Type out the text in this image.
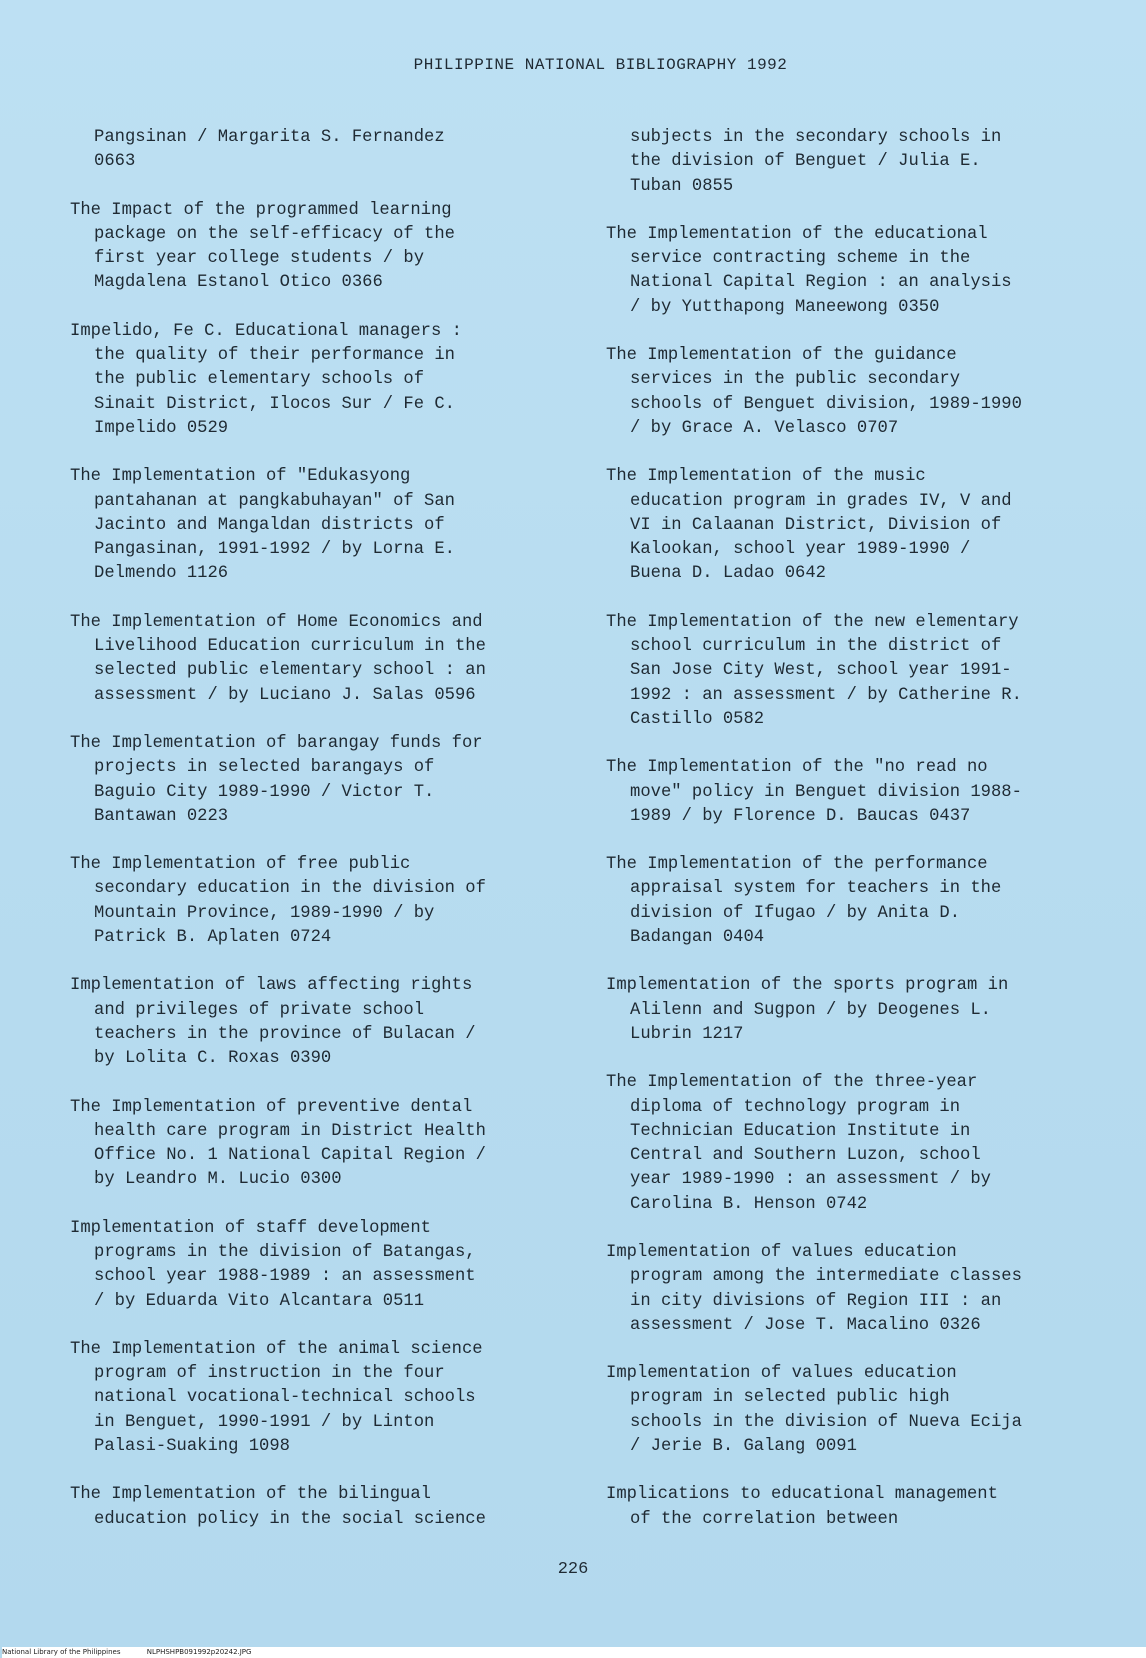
PHILIPPINE NATIONAL BIBLIOGRAPHY 1992
Pangsinan / Margarita S. Fernandez
0663
The Impact of the programmed learning
package on the self-efficacy of the
first year college students / by
Magdalena Estanol Otico 0366
Impelido, Fe C. Educational managers :
the quality of their performance in
the public elementary schools of
Sinait District, Ilocos Sur / Fe C.
Impelido 0529
The Implementation of "Edukasyong
pantahanan at pangkabuhayan" of San
Jacinto and Mangaldan districts of
Pangasinan, 1991-1992 / by Lorna E.
Delmendo 1126
The Implementation of Home Economics and
Livelihood Education curriculum in the
selected public elementary school : an
assessment / by Luciano J. Salas 0596
The Implementation of barangay funds for
projects in selected barangays of
Baguio City 1989-1990 / Victor T.
Bantawan 0223
The Implementation of free public
secondary education in the division of
Mountain Province, 1989-1990 / by
Patrick B. Aplaten 0724
Implementation of laws affecting rights
and privileges of private school
teachers in the province of Bulacan /
by Lolita C. Roxas 0390
The Implementation of preventive dental
health care program in District Health
Office No. 1 National Capital Region /
by Leandro M. Lucio 0300
Implementation of staff development
programs in the division of Batangas,
school year 1988-1989 : an assessment
/ by Eduarda Vito Alcantara 0511
The Implementation of the animal science
program of instruction in the four
national vocational-technical schools
in Benguet, 1990-1991 / by Linton
Palasi-Suaking 1098
The Implementation of the bilingual
education policy in the social science
subjects in the secondary schools in
the division of Benguet / Julia E.
Tuban 0855
The Implementation of the educational
service contracting scheme in the
National Capital Region : an analysis
/ by Yutthapong Maneewong 0350
The Implementation of the guidance
services in the public secondary
schools of Benguet division, 1989-1990
/ by Grace A. Velasco 0707
The Implementation of the music
education program in grades IV, V and
VI in Calaanan District, Division of
Kalookan, school year 1989-1990 /
Buena D. Ladao 0642
The Implementation of the new elementary
school curriculum in the district of
San Jose City West, school year 1991-
1992 : an assessment / by Catherine R.
Castillo 0582
The Implementation of the "no read no
move" policy in Benguet division 1988-
1989 / by Florence D. Baucas 0437
The Implementation of the performance
appraisal system for teachers in the
division of Ifugao / by Anita D.
Badangan 0404
Implementation of the sports program in
Alilenn and Sugpon / by Deogenes L.
Lubrin 1217
The Implementation of the three-year
diploma of technology program in
Technician Education Institute in
Central and Southern Luzon, school
year 1989-1990 : an assessment / by
Carolina B. Henson 0742
Implementation of values education
program among the intermediate classes
in city divisions of Region III : an
assessment / Jose T. Macalino 0326
Implementation of values education
program in selected public high
schools in the division of Nueva Ecija
/ Jerie B. Galang 0091
Implications to educational management
of the correlation between
226
National Library of the Philippines	NLPHSHPB091992p20242.JPG
